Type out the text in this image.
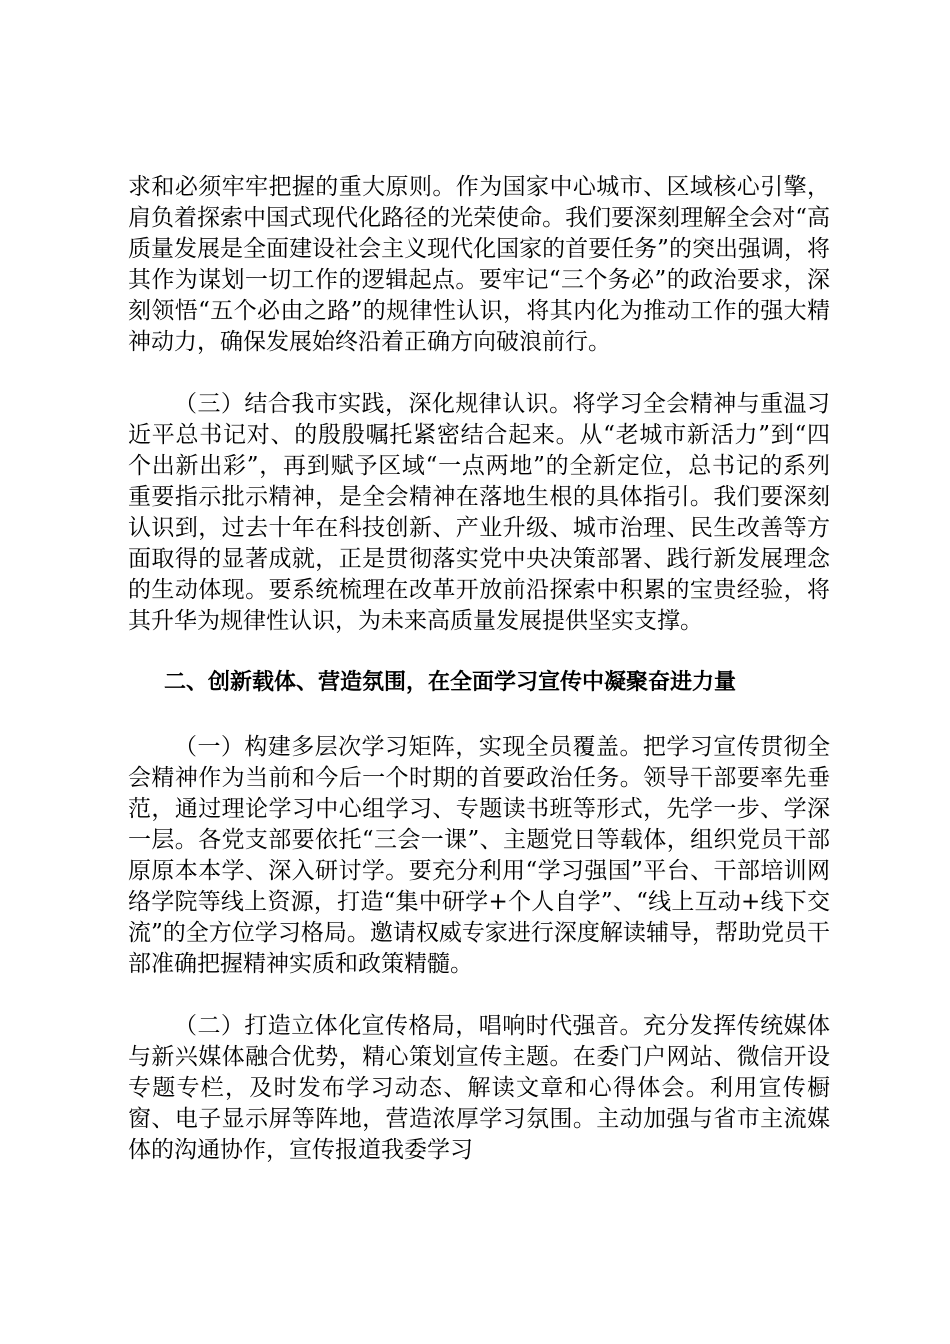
求和必须牢牢把握的重大原则。作为国家中心城市、区域核心引擎，肩负着探索中国式现代化路径的光荣使命。我们要深刻理解全会对“高质量发展是全面建设社会主义现代化国家的首要任务”的突出强调，将其作为谋划一切工作的逻辑起点。要牢记“三个务必”的政治要求，深刻领悟“五个必由之路”的规律性认识，将其内化为推动工作的强大精神动力，确保发展始终沿着正确方向破浪前行。

（三）结合我市实践，深化规律认识。将学习全会精神与重温习近平总书记对、的殷殷嘱托紧密结合起来。从“老城市新活力”到“四个出新出彩”，再到赋予区域“一点两地”的全新定位，总书记的系列重要指示批示精神，是全会精神在落地生根的具体指引。我们要深刻认识到，过去十年在科技创新、产业升级、城市治理、民生改善等方面取得的显著成就，正是贯彻落实党中央决策部署、践行新发展理念的生动体现。要系统梳理在改革开放前沿探索中积累的宝贵经验，将其升华为规律性认识，为未来高质量发展提供坚实支撑。

二、创新载体、营造氛围，在全面学习宣传中凝聚奋进力量

（一）构建多层次学习矩阵，实现全员覆盖。把学习宣传贯彻全会精神作为当前和今后一个时期的首要政治任务。领导干部要率先垂范，通过理论学习中心组学习、专题读书班等形式，先学一步、学深一层。各党支部要依托“三会一课”、主题党日等载体，组织党员干部原原本本学、深入研讨学。要充分利用“学习强国”平台、干部培训网络学院等线上资源，打造“集中研学+个人自学”、“线上互动+线下交流”的全方位学习格局。邀请权威专家进行深度解读辅导，帮助党员干部准确把握精神实质和政策精髓。

（二）打造立体化宣传格局，唱响时代强音。充分发挥传统媒体与新兴媒体融合优势，精心策划宣传主题。在委门户网站、微信开设专题专栏，及时发布学习动态、解读文章和心得体会。利用宣传橱窗、电子显示屏等阵地，营造浓厚学习氛围。主动加强与省市主流媒体的沟通协作，宣传报道我委学习
